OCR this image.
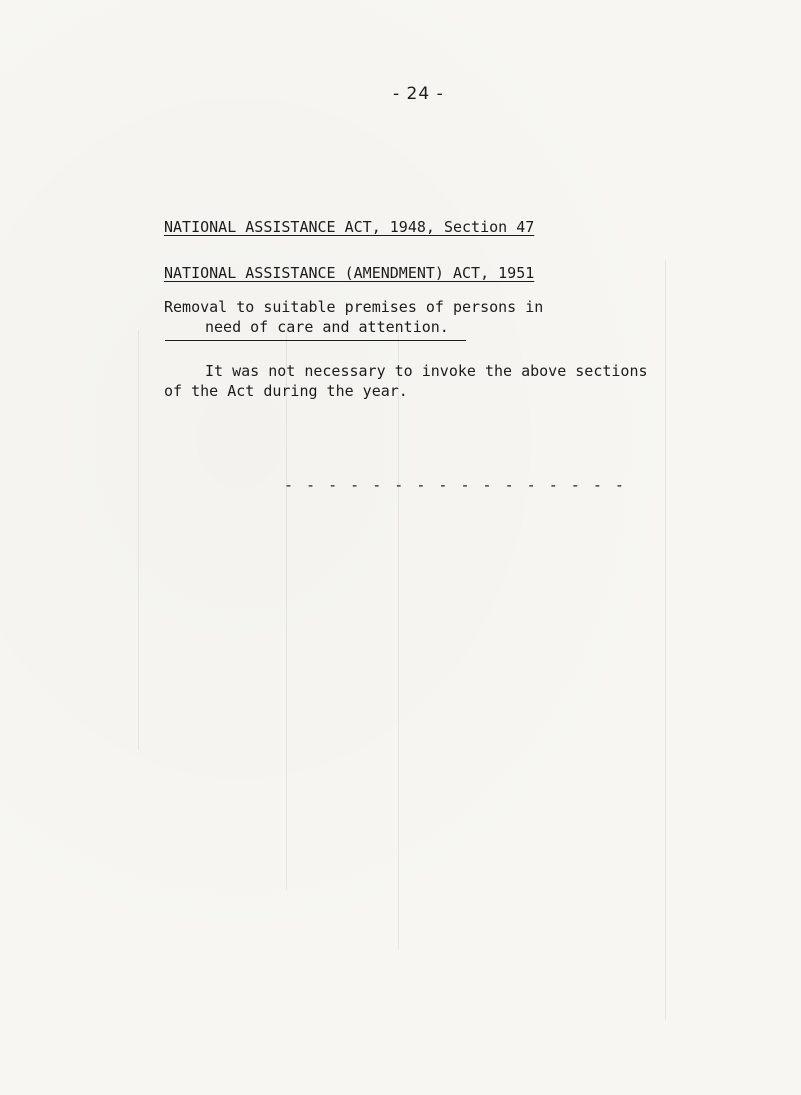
- 24 -
NATIONAL ASSISTANCE ACT, 1948, Section 47
NATIONAL ASSISTANCE (AMENDMENT) ACT, 1951
Removal to suitable premises of persons in
need of care and attention.
It was not necessary to invoke the above sections
of the Act during the year.
- - - - - - - - - - - - - - - -
